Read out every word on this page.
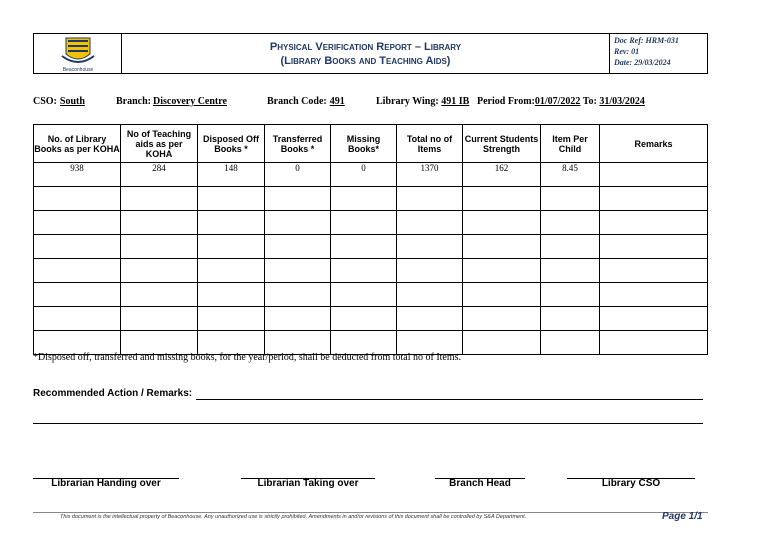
Beaconhouse
Physical Verification Report – Library
(Library Books and Teaching Aids)
Doc Ref: HRM-031
Rev: 01
Date: 29/03/2024
CSO: South	Branch: Discovery Centre	Branch Code: 491	Library Wing: 491 IB Period From:01/07/2022 To: 31/03/2024
No. of Library Books as per KOHA	No of Teaching aids as per KOHA	Disposed Off Books *	Transferred Books *	Missing Books*	Total no of Items	Current Students Strength	Item Per Child	Remarks
938	284	148	0	0	1370	162	8.45	

*Disposed off, transferred and missing books, for the year/period, shall be deducted from total no of Items.
Recommended Action / Remarks:
Librarian Handing over	Librarian Taking over	Branch Head	Library CSO
This document is the intellectual property of Beaconhouse. Any unauthorized use is strictly prohibited. Amendments in and/or revisions of this document shall be controlled by S&A Department.	Page 1/1
